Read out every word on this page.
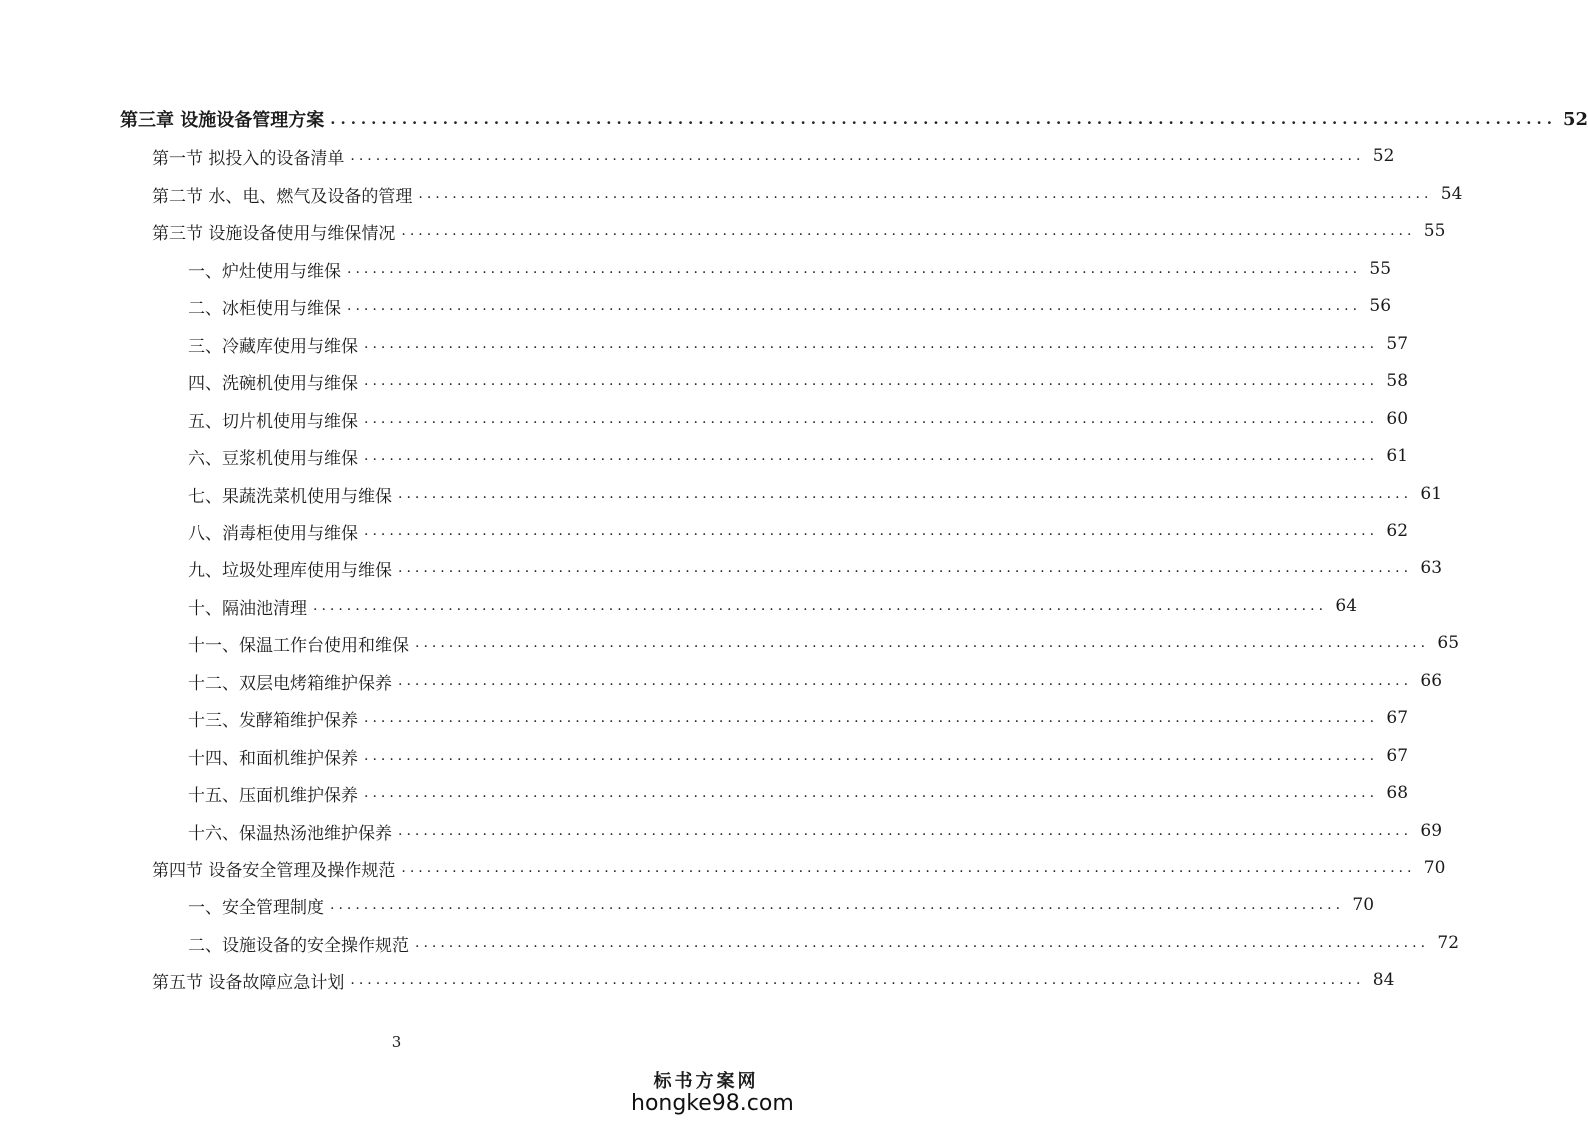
第三章 设施设备管理方案 ........................................................................................................................ 52
第一节 拟投入的设备清单 ........................................................................................................................ 52
第二节 水、电、燃气及设备的管理 ........................................................................................................................ 54
第三节 设施设备使用与维保情况 ........................................................................................................................ 55
一、炉灶使用与维保 ........................................................................................................................ 55
二、冰柜使用与维保 ........................................................................................................................ 56
三、冷藏库使用与维保 ........................................................................................................................ 57
四、洗碗机使用与维保 ........................................................................................................................ 58
五、切片机使用与维保 ........................................................................................................................ 60
六、豆浆机使用与维保 ........................................................................................................................ 61
七、果蔬洗菜机使用与维保 ........................................................................................................................ 61
八、消毒柜使用与维保 ........................................................................................................................ 62
九、垃圾处理库使用与维保 ........................................................................................................................ 63
十、隔油池清理 ........................................................................................................................ 64
十一、保温工作台使用和维保 ........................................................................................................................ 65
十二、双层电烤箱维护保养 ........................................................................................................................ 66
十三、发酵箱维护保养 ........................................................................................................................ 67
十四、和面机维护保养 ........................................................................................................................ 67
十五、压面机维护保养 ........................................................................................................................ 68
十六、保温热汤池维护保养 ........................................................................................................................ 69
第四节 设备安全管理及操作规范 ........................................................................................................................ 70
一、安全管理制度 ........................................................................................................................ 70
二、设施设备的安全操作规范 ........................................................................................................................ 72
第五节 设备故障应急计划 ........................................................................................................................ 84
3
标书方案网
hongke98.com
